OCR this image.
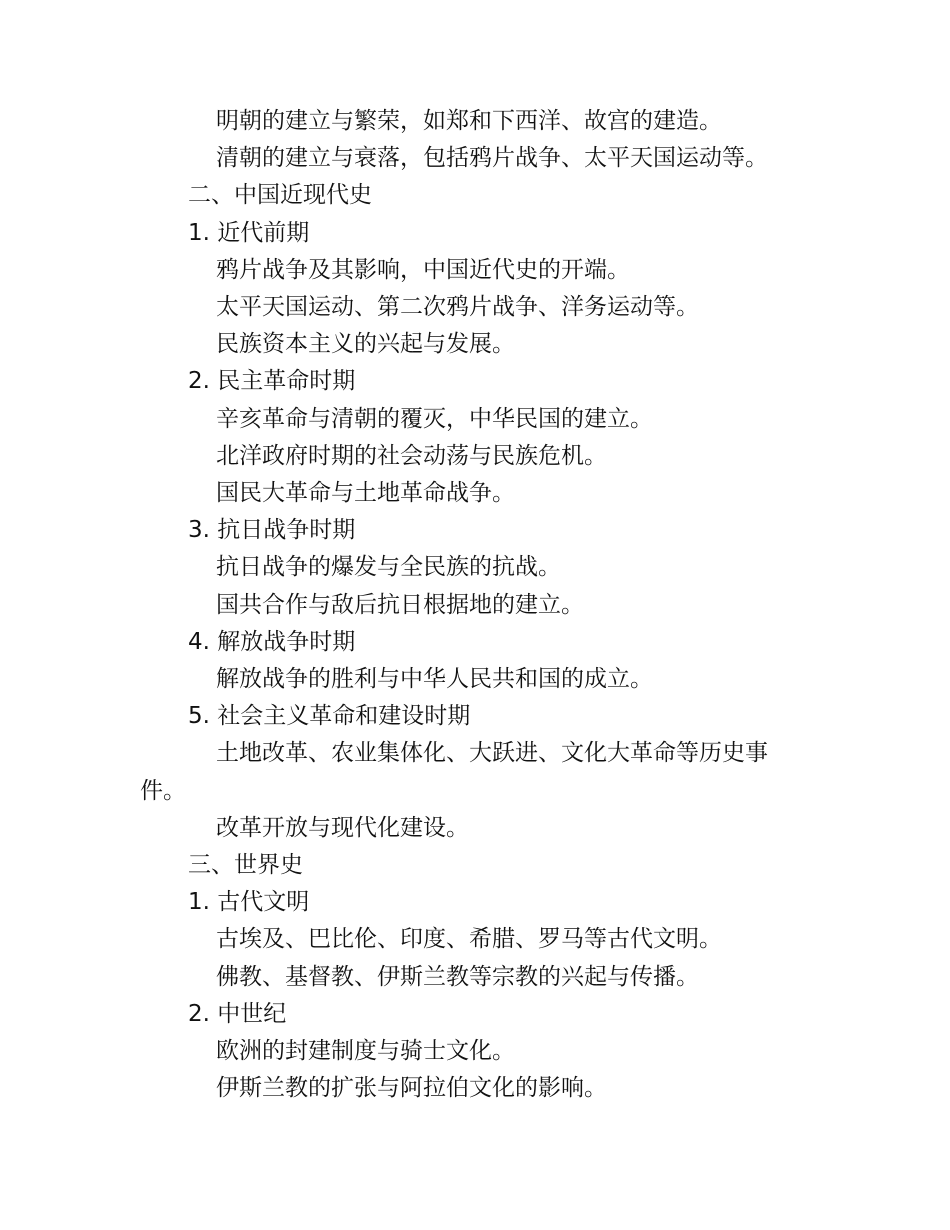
明朝的建立与繁荣，如郑和下西洋、故宫的建造。

清朝的建立与衰落，包括鸦片战争、太平天国运动等。

二、中国近现代史

1. 近代前期

鸦片战争及其影响，中国近代史的开端。

太平天国运动、第二次鸦片战争、洋务运动等。

民族资本主义的兴起与发展。

2. 民主革命时期

辛亥革命与清朝的覆灭，中华民国的建立。

北洋政府时期的社会动荡与民族危机。

国民大革命与土地革命战争。

3. 抗日战争时期

抗日战争的爆发与全民族的抗战。

国共合作与敌后抗日根据地的建立。

4. 解放战争时期

解放战争的胜利与中华人民共和国的成立。

5. 社会主义革命和建设时期

土地改革、农业集体化、大跃进、文化大革命等历史事件。

改革开放与现代化建设。

三、世界史

1. 古代文明

古埃及、巴比伦、印度、希腊、罗马等古代文明。

佛教、基督教、伊斯兰教等宗教的兴起与传播。

2. 中世纪

欧洲的封建制度与骑士文化。

伊斯兰教的扩张与阿拉伯文化的影响。
